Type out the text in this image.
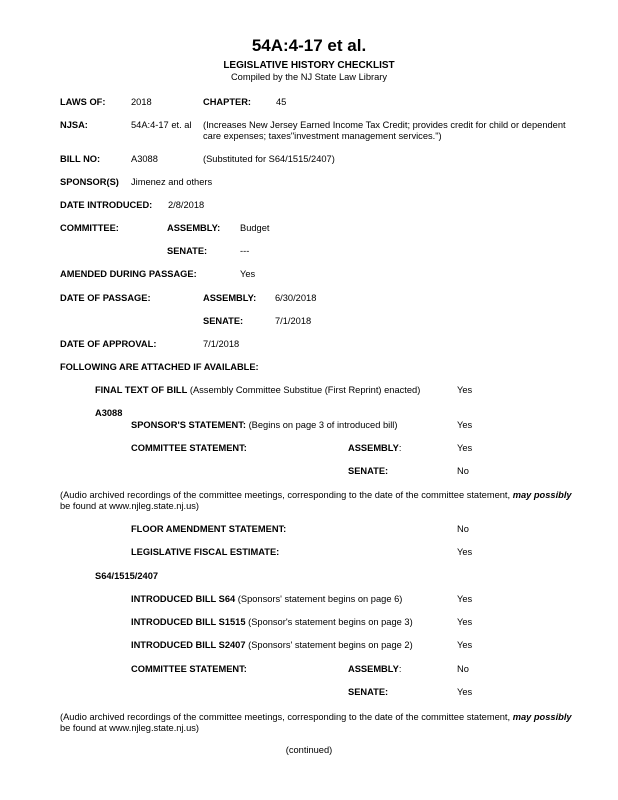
54A:4-17 et al.
LEGISLATIVE HISTORY CHECKLIST
Compiled by the NJ State Law Library
LAWS OF:	2018	CHAPTER:	45
NJSA:	54A:4-17 et. al (Increases New Jersey Earned Income Tax Credit; provides credit for child or dependent
care expenses; taxes"investment management services.")
BILL NO:	A3088	(Substituted for S64/1515/2407)
SPONSOR(S) Jimenez and others
DATE INTRODUCED: 2/8/2018
COMMITTEE:	ASSEMBLY: Budget
SENATE:	---
AMENDED DURING PASSAGE:	Yes
DATE OF PASSAGE:	ASSEMBLY: 6/30/2018
SENATE:	7/1/2018
DATE OF APPROVAL:	7/1/2018
FOLLOWING ARE ATTACHED IF AVAILABLE:
FINAL TEXT OF BILL (Assembly Committee Substitue (First Reprint) enacted)	Yes
A3088
SPONSOR'S STATEMENT: (Begins on page 3 of introduced bill)	Yes
COMMITTEE STATEMENT:	ASSEMBLY:	Yes
SENATE:	No
(Audio archived recordings of the committee meetings, corresponding to the date of the committee statement, may possibly
be found at www.njleg.state.nj.us)
FLOOR AMENDMENT STATEMENT:	No
LEGISLATIVE FISCAL ESTIMATE:	Yes
S64/1515/2407
INTRODUCED BILL S64 (Sponsors' statement begins on page 6)	Yes
INTRODUCED BILL S1515 (Sponsor's statement begins on page 3)	Yes
INTRODUCED BILL S2407 (Sponsors' statement begins on page 2)	Yes
COMMITTEE STATEMENT:	ASSEMBLY:	No
SENATE:	Yes
(Audio archived recordings of the committee meetings, corresponding to the date of the committee statement, may possibly
be found at www.njleg.state.nj.us)
(continued)
